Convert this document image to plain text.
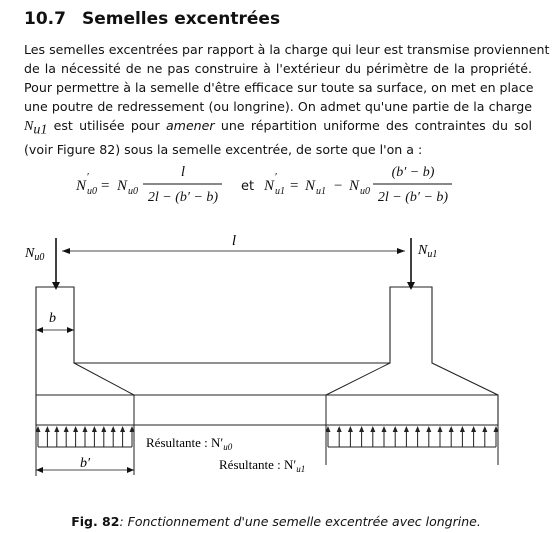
10.7 Semelles excentrées
Les semelles excentrées par rapport à la charge qui leur est transmise proviennent
de la nécessité de ne pas construire à l'extérieur du périmètre de la propriété.
Pour permettre à la semelle d'être efficace sur toute sa surface, on met en place
une poutre de redressement (ou longrine). On admet qu'une partie de la charge
$N_{u1}$ est utilisée pour amener une répartition uniforme des contraintes du sol
(voir Figure 82) sous la semelle excentrée, de sorte que l'on a :
N
′
u0 = N u0
l
2l − (b′ − b)
et N
′
u1 = N u1 − N u0
(b′ − b)
2l − (b′ − b)
l
$N_{u0}$	$N_{u1}$
b
Résultante : $N'_{u0}$
Résultante : $N'_{u1}$
b′
Fig. 82: Fonctionnement d'une semelle excentrée avec longrine.
